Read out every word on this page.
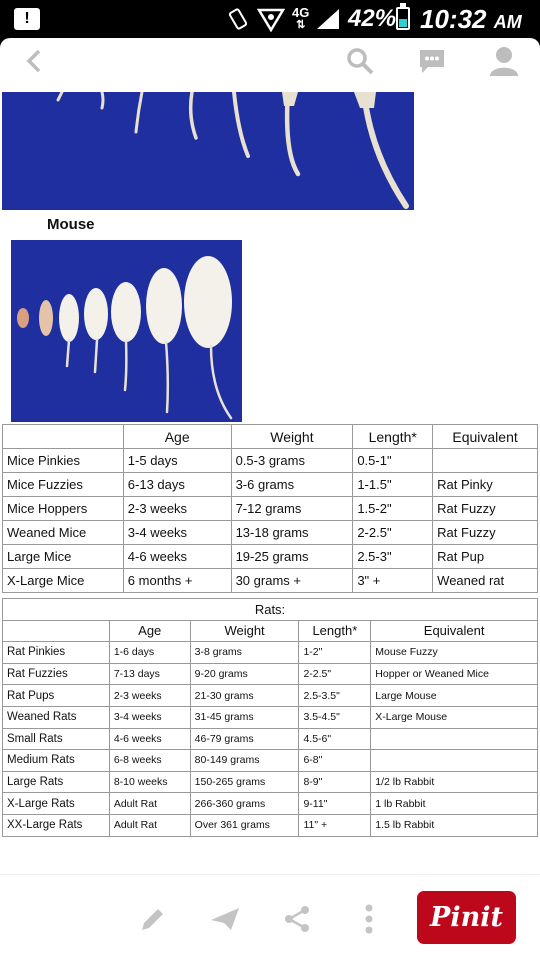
!	4G
⇅ 42% 10:32 AM
Mouse
	Age	Weight	Length*	Equivalent
Mice Pinkies	1-5 days	0.5-3 grams	0.5-1"	
Mice Fuzzies	6-13 days	3-6 grams	1-1.5"	Rat Pinky
Mice Hoppers	2-3 weeks	7-12 grams	1.5-2"	Rat Fuzzy
Weaned Mice	3-4 weeks	13-18 grams	2-2.5"	Rat Fuzzy
Large Mice	4-6 weeks	19-25 grams	2.5-3"	Rat Pup
X-Large Mice	6 months +	30 grams +	3" +	Weaned rat
Rats:				
	Age	Weight	Length*	Equivalent
Rat Pinkies	1-6 days	3-8 grams	1-2"	Mouse Fuzzy
Rat Fuzzies	7-13 days	9-20 grams	2-2.5"	Hopper or Weaned Mice
Rat Pups	2-3 weeks	21-30 grams	2.5-3.5"	Large Mouse
Weaned Rats	3-4 weeks	31-45 grams	3.5-4.5"	X-Large Mouse
Small Rats	4-6 weeks	46-79 grams	4.5-6"	
Medium Rats	6-8 weeks	80-149 grams	6-8"	
Large Rats	8-10 weeks	150-265 grams	8-9"	1/2 lb Rabbit
X-Large Rats	Adult Rat	266-360 grams	9-11"	1 lb Rabbit
XX-Large Rats	Adult Rat	Over 361 grams	11" +	1.5 lb Rabbit
Pinit
